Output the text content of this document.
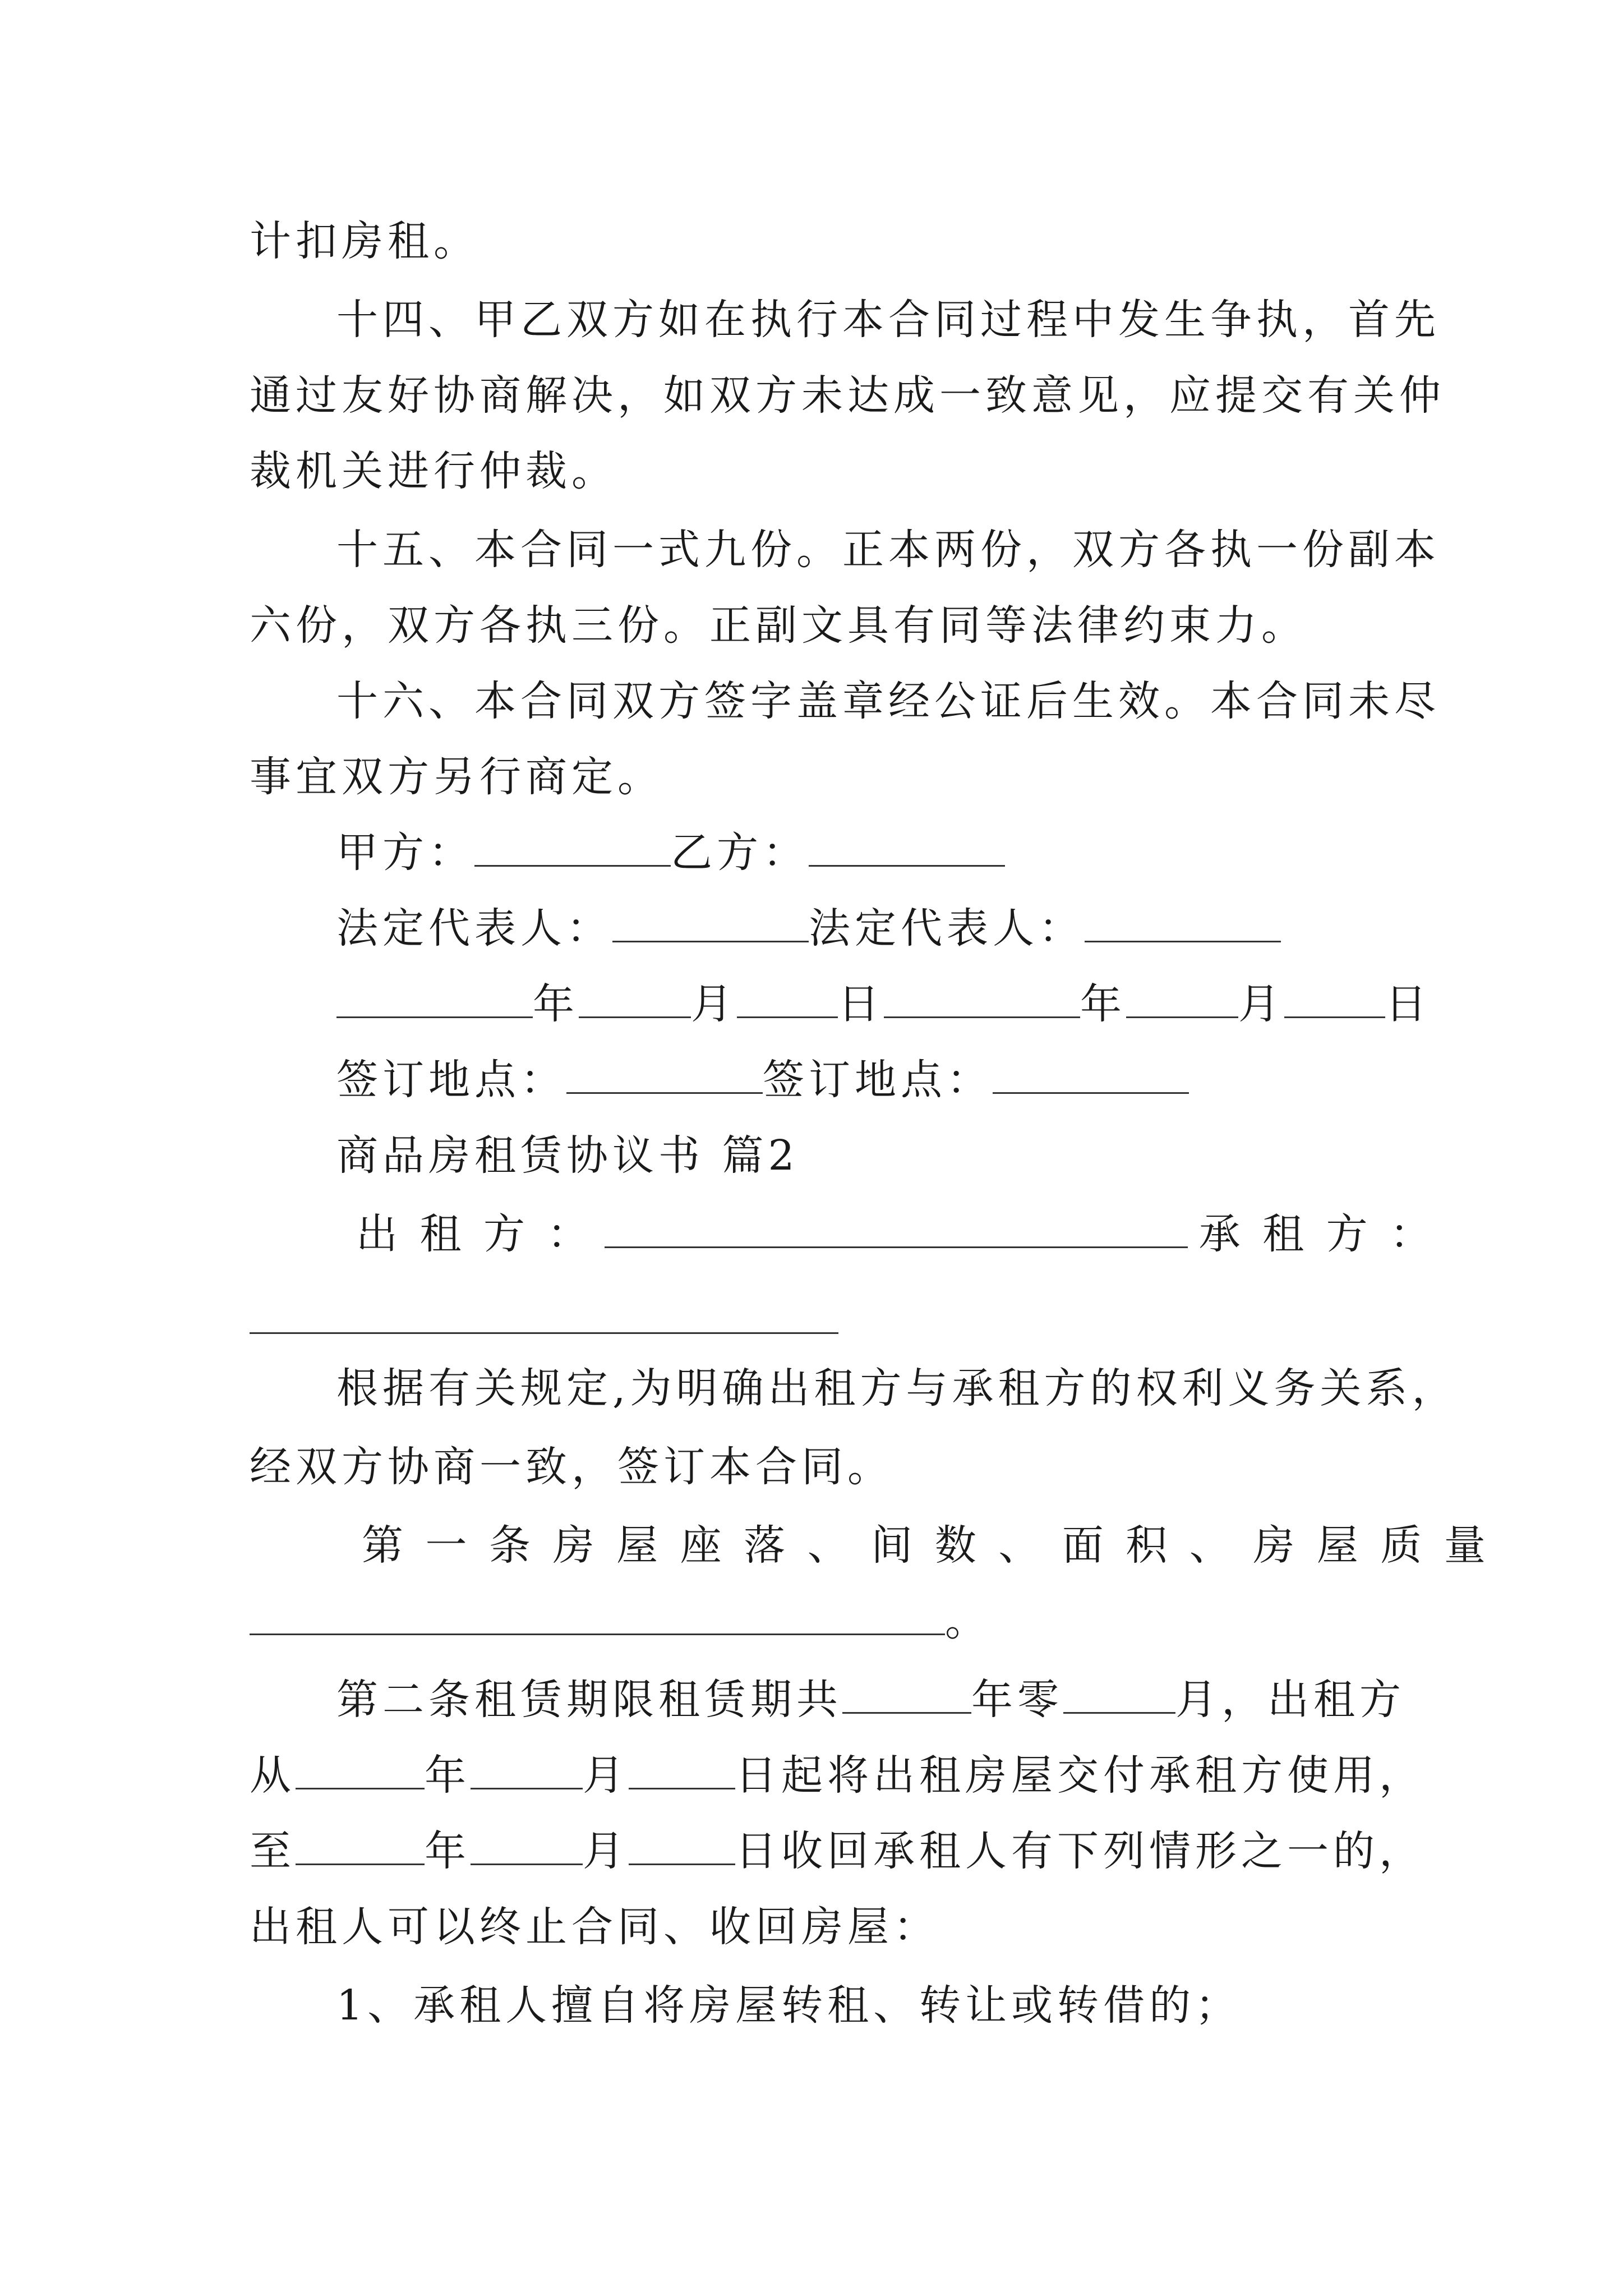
计扣房租。
十四、甲乙双方如在执行本合同过程中发生争执，首先
通过友好协商解决，如双方未达成一致意见，应提交有关仲
裁机关进行仲裁。
十五、本合同一式九份。正本两份，双方各执一份副本
六份，双方各执三份。正副文具有同等法律约束力。
十六、本合同双方签字盖章经公证后生效。本合同未尽
事宜双方另行商定。
甲方：	乙方：
法定代表人：	法定代表人：
年	月 日	年	月 日
签订地点：	签订地点：
商品房租赁协议书 篇2
出 租 方 ：	承 租 方 ：
根据有关规定,为明确出租方与承租方的权利义务关系，
经双方协商一致，签订本合同。
第 一 条 房 屋 座 落 、 间 数 、 面 积 、 房 屋 质 量
。
第二条租赁期限租赁期共	年零	月，出租方
从	年	月	日起将出租房屋交付承租方使用，
至	年	月	日收回承租人有下列情形之一的，
出租人可以终止合同、收回房屋：
1、承租人擅自将房屋转租、转让或转借的；
